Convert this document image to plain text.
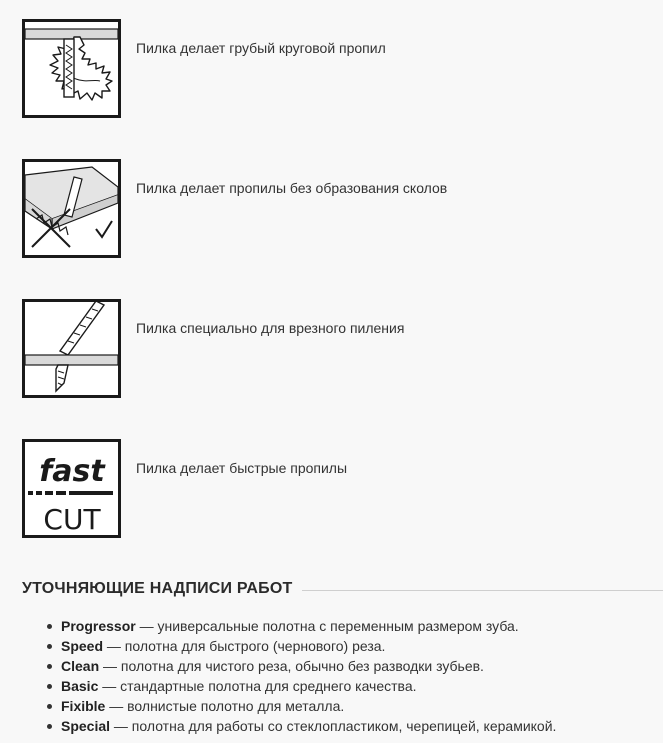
Пилка делает грубый круговой пропил
Пилка делает пропилы без образования сколов
Пилка специально для врезного пиления
fast
CUT
Пилка делает быстрые пропилы
УТОЧНЯЮЩИЕ НАДПИСИ РАБОТ
Progressor — универсальные полотна с переменным размером зуба.
Speed — полотна для быстрого (чернового) реза.
Clean — полотна для чистого реза, обычно без разводки зубьев.
Basic — стандартные полотна для среднего качества.
Fixible — волнистые полотно для металла.
Special — полотна для работы со стеклопластиком, черепицей, керамикой.
